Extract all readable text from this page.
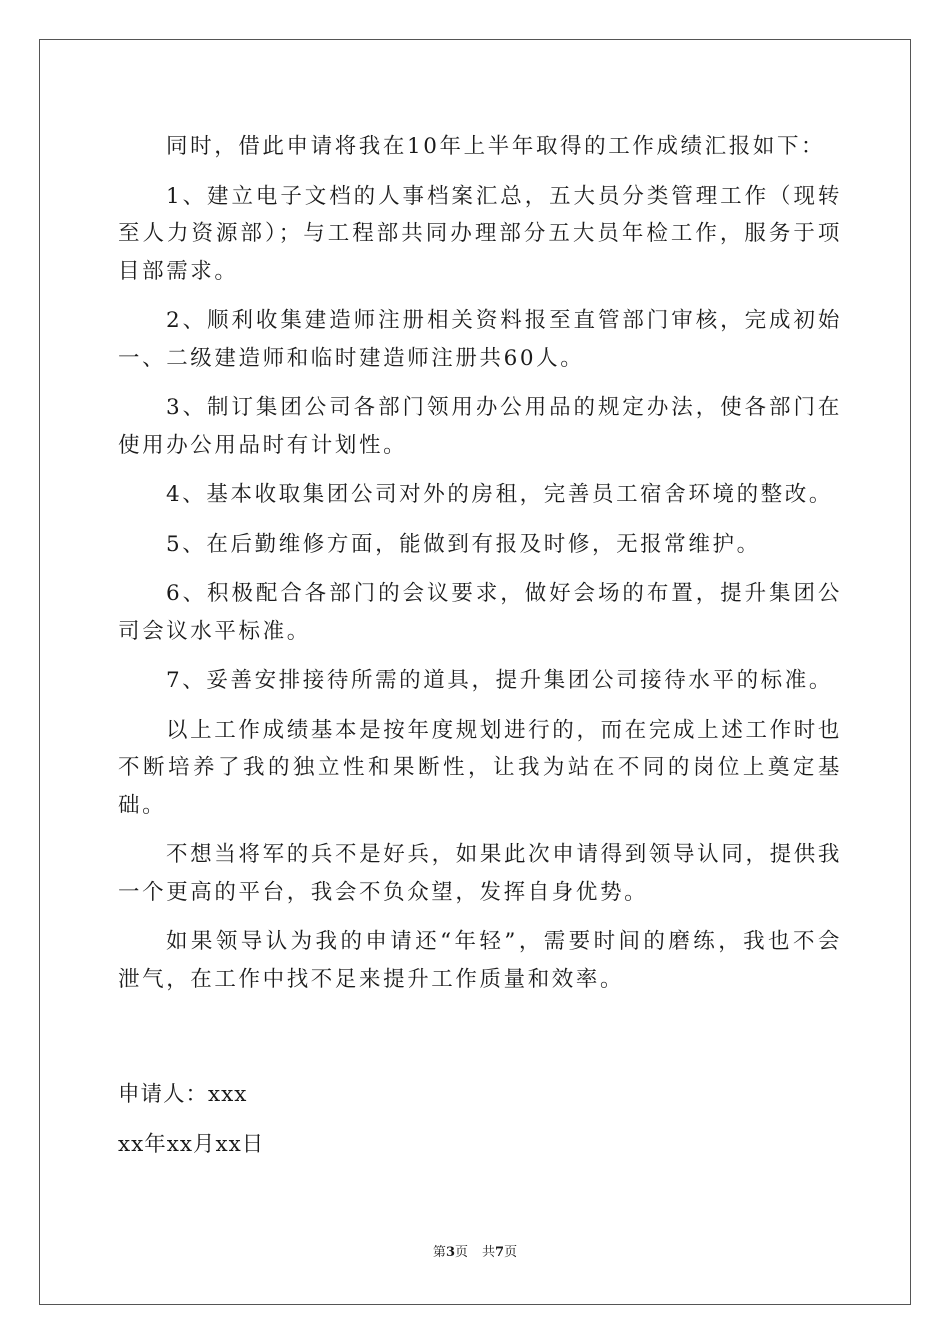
同时，借此申请将我在10年上半年取得的工作成绩汇报如下：

1、建立电子文档的人事档案汇总，五大员分类管理工作（现转至人力资源部）；与工程部共同办理部分五大员年检工作，服务于项目部需求。

2、顺利收集建造师注册相关资料报至直管部门审核，完成初始一、二级建造师和临时建造师注册共60人。

3、制订集团公司各部门领用办公用品的规定办法，使各部门在使用办公用品时有计划性。

4、基本收取集团公司对外的房租，完善员工宿舍环境的整改。

5、在后勤维修方面，能做到有报及时修，无报常维护。

6、积极配合各部门的会议要求，做好会场的布置，提升集团公司会议水平标准。

7、妥善安排接待所需的道具，提升集团公司接待水平的标准。

以上工作成绩基本是按年度规划进行的，而在完成上述工作时也不断培养了我的独立性和果断性，让我为站在不同的岗位上奠定基础。

不想当将军的兵不是好兵，如果此次申请得到领导认同，提供我一个更高的平台，我会不负众望，发挥自身优势。

如果领导认为我的申请还“年轻”，需要时间的磨练，我也不会泄气，在工作中找不足来提升工作质量和效率。

申请人：xxx

xx年xx月xx日

第3页 共7页
